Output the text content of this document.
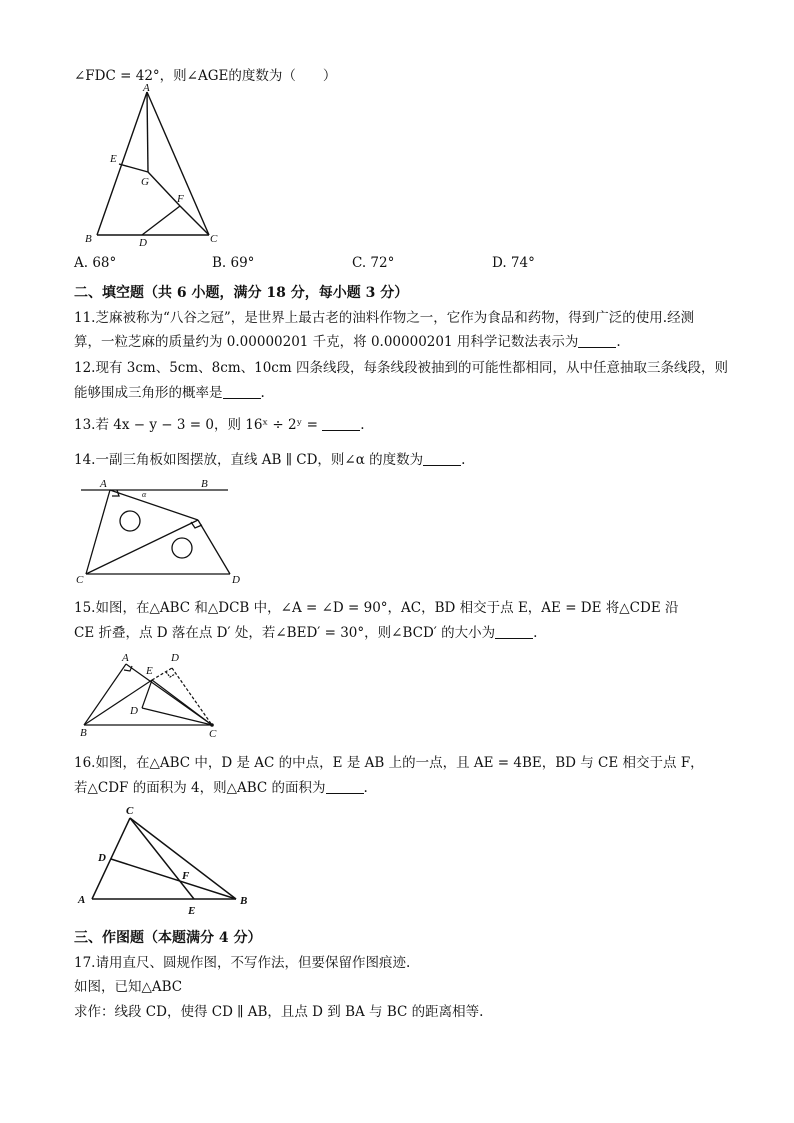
∠FDC = 42°，则∠AGE的度数为（　　）
A
E
G
F
B	D	C
A. 68°	B. 69°	C. 72°	D. 74°
二、填空题（共 6 小题，满分 18 分，每小题 3 分）
11.芝麻被称为“八谷之冠”，是世界上最古老的油料作物之一，它作为食品和药物，得到广泛的使用.经测
算，一粒芝麻的质量约为 0.00000201 千克，将 0.00000201 用科学记数法表示为	.
12.现有 3cm、5cm、8cm、10cm 四条线段，每条线段被抽到的可能性都相同，从中任意抽取三条线段，则
能够围成三角形的概率是	.
13.若 4x − y − 3 = 0，则 16ˣ ÷ 2ʸ =	.
14.一副三角板如图摆放，直线 AB ∥ CD，则∠α 的度数为	.
A	B
α
C	D
15.如图，在△ABC 和△DCB 中，∠A = ∠D = 90°，AC，BD 相交于点 E，AE = DE 将△CDE 沿
CE 折叠，点 D 落在点 D′ 处，若∠BED′ = 30°，则∠BCD′ 的大小为	.
A
E
D
D
B	C
16.如图，在△ABC 中，D 是 AC 的中点，E 是 AB 上的一点，且 AE = 4BE，BD 与 CE 相交于点 F，
若△CDF 的面积为 4，则△ABC 的面积为	.
C
D
F
A	B
E
三、作图题（本题满分 4 分）
17.请用直尺、圆规作图，不写作法，但要保留作图痕迹.
如图，已知△ABC
求作：线段 CD，使得 CD ∥ AB，且点 D 到 BA 与 BC 的距离相等.
